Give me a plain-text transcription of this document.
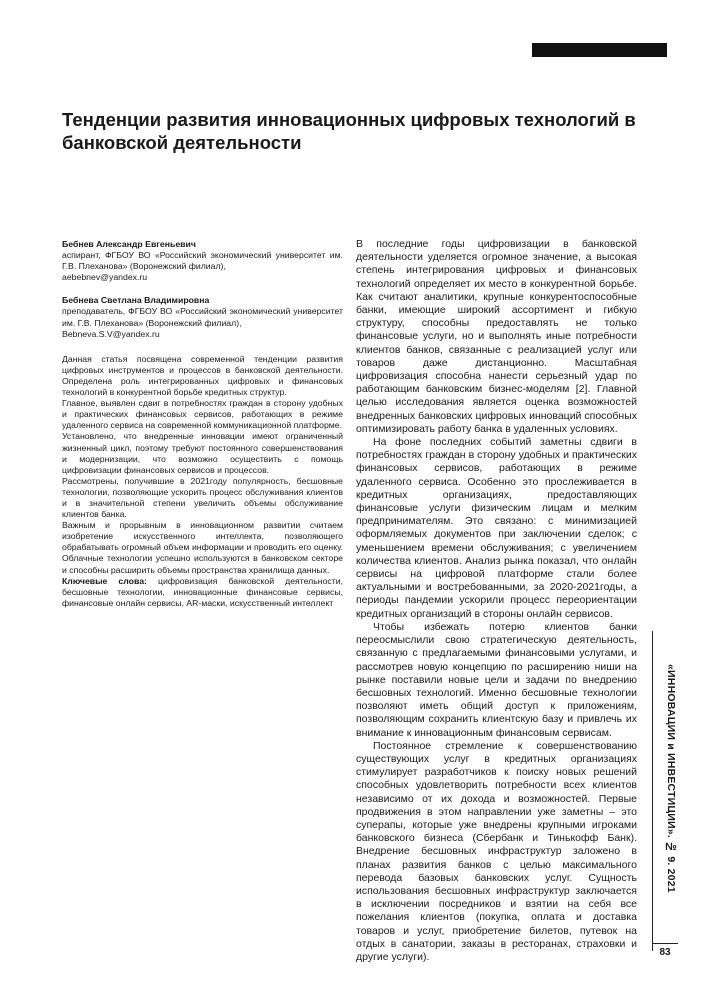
Тенденции развития инновационных цифровых технологий в банковской деятельности

Бебнев Александр Евгеньевич

аспирант, ФГБОУ ВО «Российский экономический университет им. Г.В. Плеханова» (Воронежский филиал),

aebebnev@yandex.ru

Бебнева Светлана Владимировна

преподаватель, ФГБОУ ВО «Российский экономический университет им. Г.В. Плеханова» (Воронежский филиал),

Bebneva.S.V@yandex.ru

Данная статья посвящена современной тенденции развития цифровых инструментов и процессов в банковской деятельности. Определена роль интегрированных цифровых и финансовых технологий в конкурентной борьбе кредитных структур.

Главное, выявлен сдвиг в потребностях граждан в сторону удобных и практических финансовых сервисов, работающих в режиме удаленного сервиса на современной коммуникационной платформе.

Установлено, что внедренные инновации имеют ограниченный жизненный цикл, поэтому требуют постоянного совершенствования и модернизации, что возможно осуществить с помощь цифровизации финансовых сервисов и процессов.

Рассмотрены, получившие в 2021году популярность, бесшовные технологии, позволяющие ускорить процесс обслуживания клиентов и в значительной степени увеличить объемы обслуживание клиентов банка.

Важным и прорывным в инновационном развитии считаем изобретение искусственного интеллекта, позволяющего обрабатывать огромный объем информации и проводить его оценку. Облачные технологии успешно используются в банковском секторе и способны расширить объемы пространства хранилища данных.

Ключевые слова: цифровизация банковской деятельности, бесшовные технологии, инновационные финансовые сервисы, финансовые онлайн сервисы, AR-маски, искусственный интеллект

В последние годы цифровизации в банковской деятельности уделяется огромное значение, а высокая степень интегрирования цифровых и финансовых технологий определяет их место в конкурентной борьбе. Как считают аналитики, крупные конкурентоспособные банки, имеющие широкий ассортимент и гибкую структуру, способны предоставлять не только финансовые услуги, но и выполнять иные потребности клиентов банков, связанные с реализацией услуг или товаров даже дистанционно. Масштабная цифровизация способна нанести серьезный удар по работающим банковским бизнес-моделям [2]. Главной целью исследования является оценка возможностей внедренных банковских цифровых инноваций способных оптимизировать работу банка в удаленных условиях.

На фоне последних событий заметны сдвиги в потребностях граждан в сторону удобных и практических финансовых сервисов, работающих в режиме удаленного сервиса. Особенно это прослеживается в кредитных организациях, предоставляющих финансовые услуги физическим лицам и мелким предпринимателям. Это связано: с минимизацией оформляемых документов при заключении сделок; с уменьшением времени обслуживания; с увеличением количества клиентов. Анализ рынка показал, что онлайн сервисы на цифровой платформе стали более актуальными и востребованными, за 2020-2021годы, а периоды пандемии ускорили процесс переориентации кредитных организаций в стороны онлайн сервисов.

Чтобы избежать потерю клиентов банки переосмыслили свою стратегическую деятельность, связанную с предлагаемыми финансовыми услугами, и рассмотрев новую концепцию по расширению ниши на рынке поставили новые цели и задачи по внедрению бесшовных технологий. Именно бесшовные технологии позволяют иметь общий доступ к приложениям, позволяющим сохранить клиентскую базу и привлечь их внимание к инновационным финансовым сервисам.

Постоянное стремление к совершенствованию существующих услуг в кредитных организациях стимулирует разработчиков к поиску новых решений способных удовлетворить потребности всех клиентов независимо от их дохода и возможностей. Первые продвижения в этом направлении уже заметны – это суперапы, которые уже внедрены крупными игроками банковского бизнеса (Сбербанк и Тинькофф Банк). Внедрение бесшовных инфраструктур заложено в планах развития банков с целью максимального перевода базовых банковских услуг. Сущность использования бесшовных инфраструктур заключается в исключении посредников и взятии на себя все пожелания клиентов (покупка, оплата и доставка товаров и услуг, приобретение билетов, путевок на отдых в санатории, заказы в ресторанах, страховки и другие услуги).

«ИННОВАЦИИ и ИНВЕСТИЦИИ». № 9. 2021
83
